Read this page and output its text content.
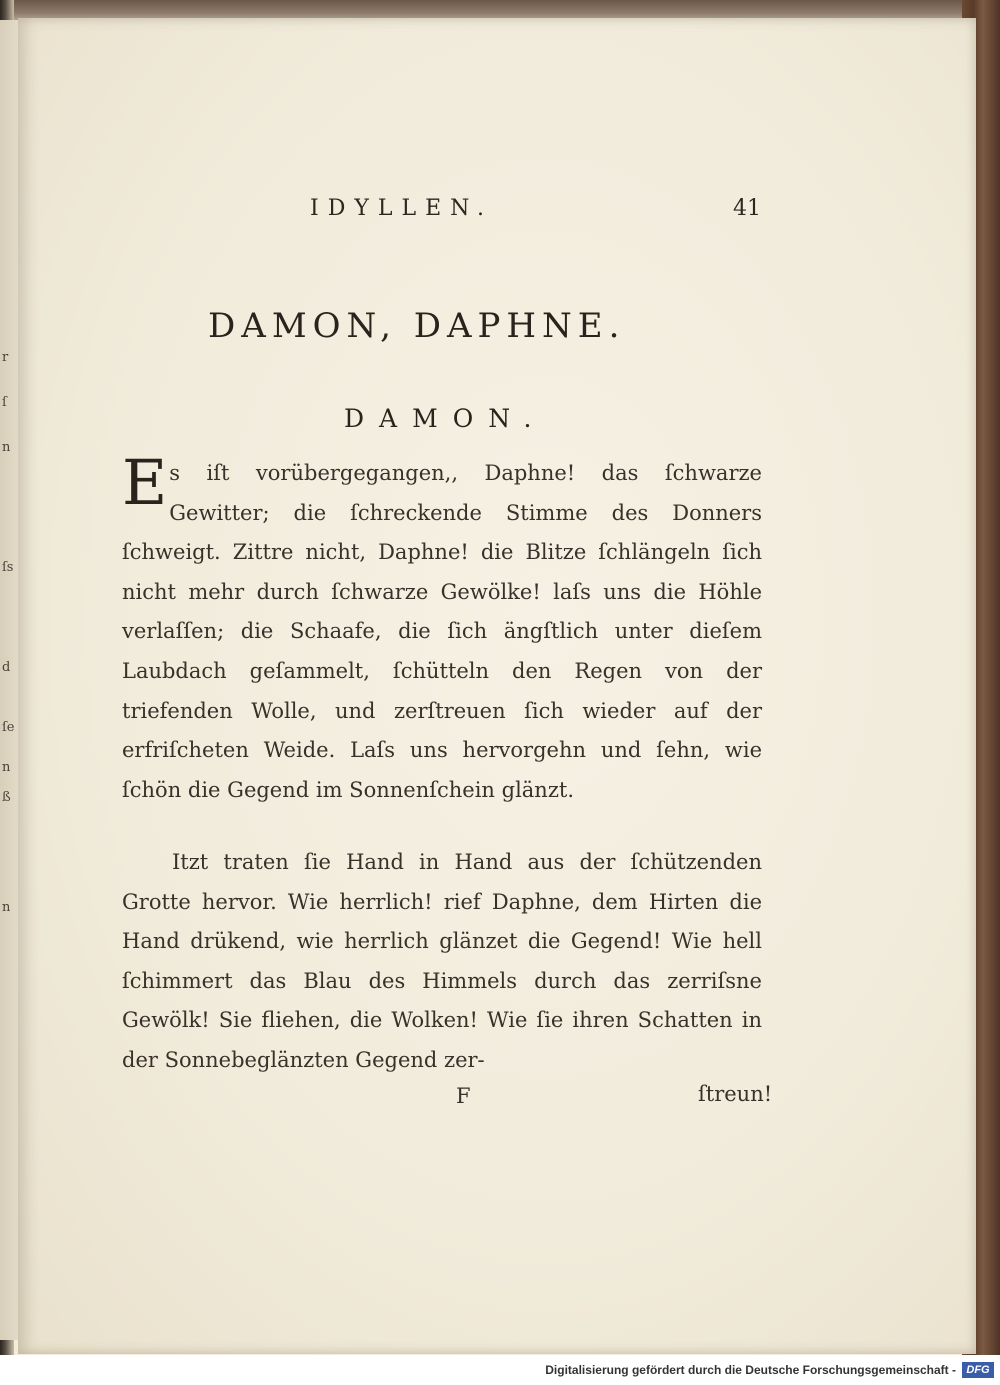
r
ſ
n
ſs
d
ſe
n
ß
n
IDYLLEN.	41
DAMON, DAPHNE.
DAMON.

Es iſt vorübergegangen,, Daphne! das ſchwarze Gewitter; die ſchreckende Stimme des Donners ſchweigt. Zittre nicht, Daphne! die Blitze ſchlängeln ſich nicht mehr durch ſchwarze Gewölke! laſs uns die Höhle verlaſſen; die Schaafe, die ſich ängſtlich unter dieſem Laubdach geſammelt, ſchütteln den Regen von der triefenden Wolle, und zerſtreuen ſich wieder auf der erfriſcheten Weide. Laſs uns hervorgehn und ſehn, wie ſchön die Gegend im Sonnenſchein glänzt.

Itzt traten ſie Hand in Hand aus der ſchützenden Grotte hervor. Wie herrlich! rief Daphne, dem Hirten die Hand drükend, wie herrlich glänzet die Gegend! Wie hell ſchimmert das Blau des Himmels durch das zerriſsne Gewölk! Sie fliehen, die Wolken! Wie ſie ihren Schatten in der Sonnebeglänzten Gegend zer-

F	ſtreun!
Digitalisierung gefördert durch die Deutsche Forschungsgemeinschaft - DFG
